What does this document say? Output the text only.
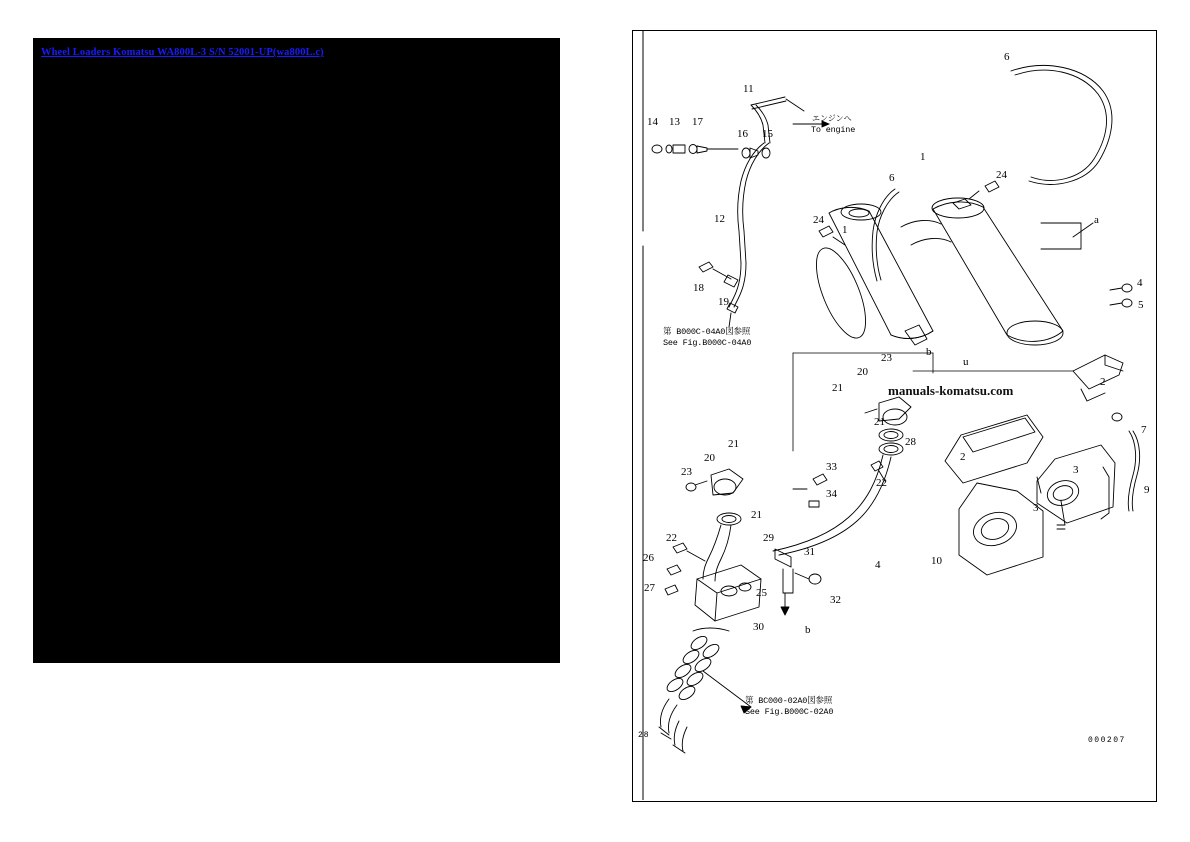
Wheel Loaders Komatsu WA800L-3 S/N 52001-UP(wa800L.c)
第 B000C-04A0図参照
See Fig.B000C-04A0
第 BC000-02A0図参照
See Fig.B000C-02A0
エンジンへ
To engine
11
6
14 13 17
16 15
1
24
6
a
12	24
1
18
19
4
5
b
23
20
21	2
7
21
28
9
21
20
33
22
2
3
23
34
21
3
22	29
26	31
4	10
27	25
32
30	b
u
manuals-komatsu.com
28
000207
